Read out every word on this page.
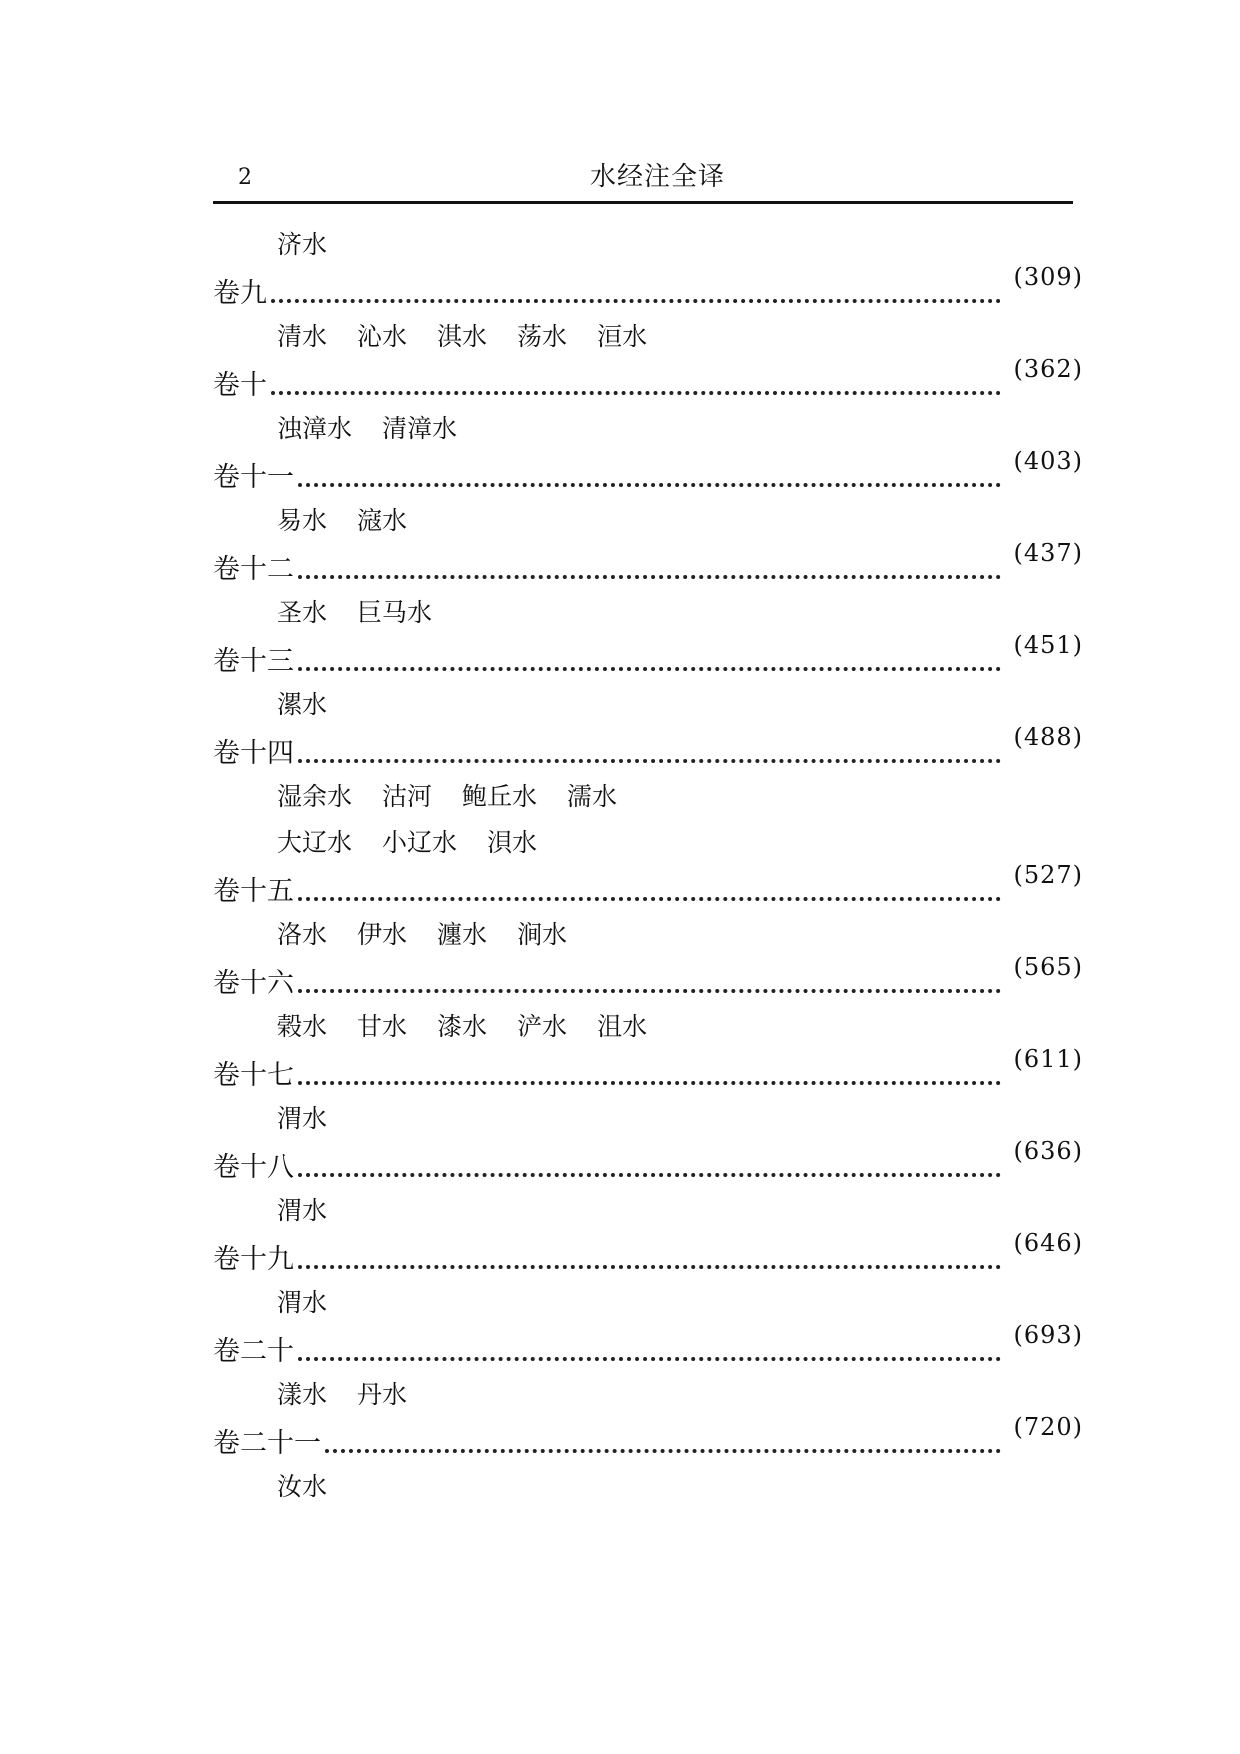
2	水经注全译
济水
卷九
(309)
清水 沁水 淇水 荡水 洹水
卷十
(362)
浊漳水 清漳水
卷十一
(403)
易水 滱水
卷十二
(437)
圣水 巨马水
卷十三
(451)
漯水
卷十四
(488)
湿余水 沽河 鲍丘水 濡水
大辽水 小辽水 浿水
卷十五
(527)
洛水 伊水 瀍水 涧水
卷十六
(565)
榖水 甘水 漆水 浐水 沮水
卷十七
(611)
渭水
卷十八
(636)
渭水
卷十九
(646)
渭水
卷二十
(693)
漾水 丹水
卷二十一
(720)
汝水
